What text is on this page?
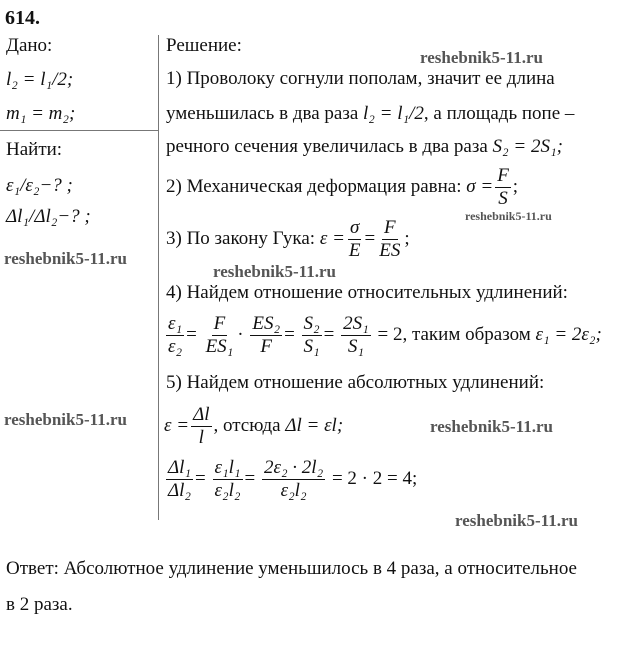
614.
Дано:
l₂ = l₁/2;
m₁ = m₂;
Найти:
ε₁/ε₂−? ;
Δl₁/Δl₂−? ;
Решение:
1) Проволоку согнули пополам, значит ее длина
уменьшилась в два раза l₂ = l₁/2, а площадь попе –
речного сечения увеличилась в два раза S₂ = 2S₁;
2) Механическая деформация равна: $\sigma = \frac{F}{S}$ ;
3) По закону Гука: $\varepsilon = \frac{\sigma}{E} = \frac{F}{ES}$ ;
4) Найдем отношение относительных удлинений:
$\frac{\text{ε₁}}{\text{ε₂}} = \frac{F}{\text{ES₁}} \cdot \frac{\text{ES₂}}{F} = \frac{\text{S₂}}{\text{S₁}} = \frac{\text{2S₁}}{\text{S₁}} = 2$, таким образом ε₁ = 2ε₂;
5) Найдем отношение абсолютных удлинений:
$\varepsilon = \frac{\Delta l}{l}$ , отсюда Δl = εl;
$\frac{\text{Δl₁}}{\text{Δl₂}} = \frac{\text{ε₁l₁}}{\text{ε₂l₂}} = \frac{\text{2ε₂ · 2l₂}}{\text{ε₂l₂}} = 2 \cdot 2 = 4$;
Ответ: Абсолютное удлинение уменьшилось в 4 раза, а относительное
в 2 раза.
reshebnik5-11.ru
reshebnik5-11.ru
reshebnik5-11.ru
reshebnik5-11.ru
reshebnik5-11.ru
reshebnik5-11.ru
reshebnik5-11.ru
